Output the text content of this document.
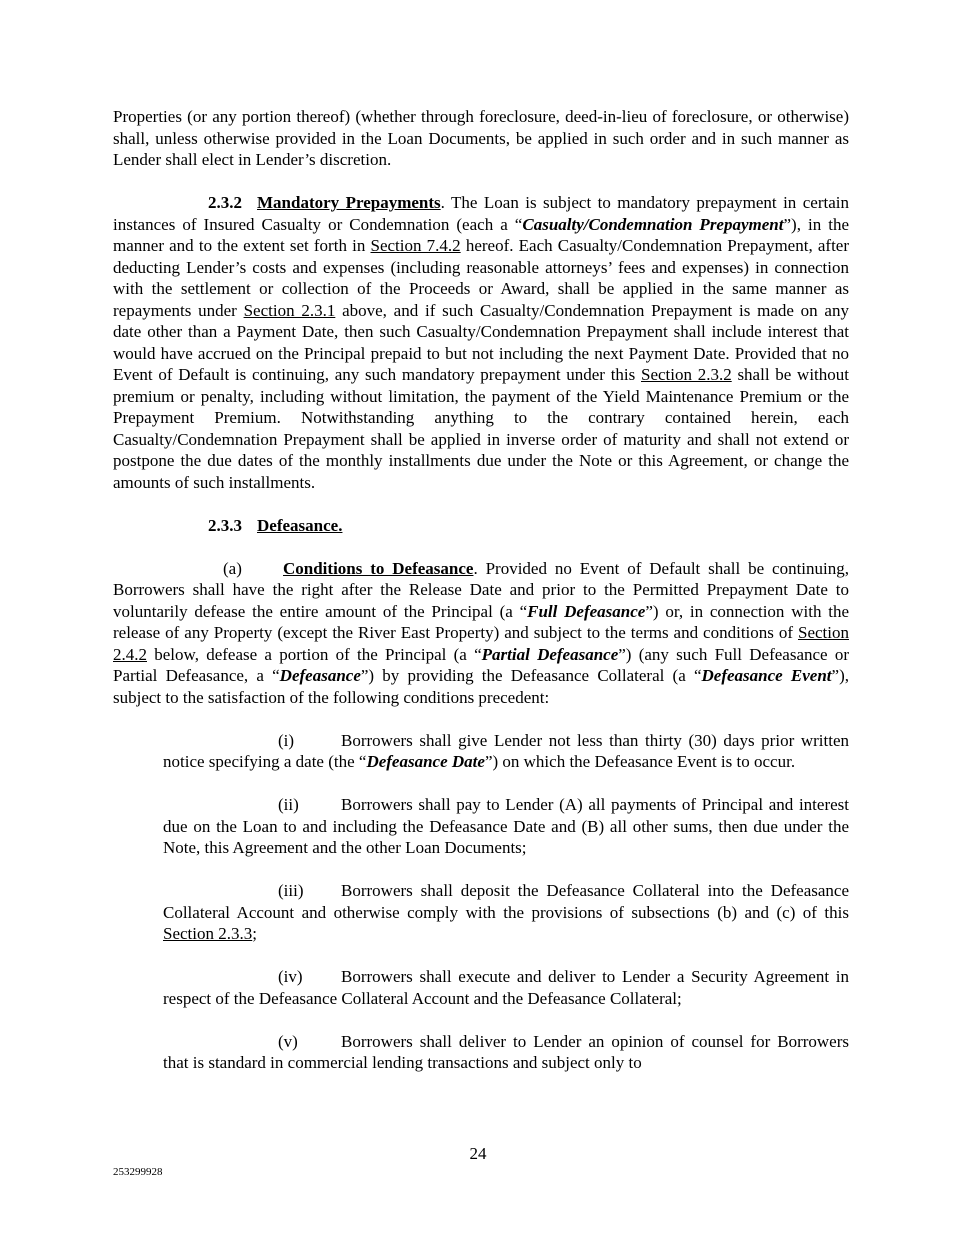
Properties (or any portion thereof) (whether through foreclosure, deed-in-lieu of foreclosure, or otherwise) shall, unless otherwise provided in the Loan Documents, be applied in such order and in such manner as Lender shall elect in Lender’s discretion.

2.3.2 Mandatory Prepayments. The Loan is subject to mandatory prepayment in certain instances of Insured Casualty or Condemnation (each a “Casualty/Condemnation Prepayment”), in the manner and to the extent set forth in Section 7.4.2 hereof. Each Casualty/Condemnation Prepayment, after deducting Lender’s costs and expenses (including reasonable attorneys’ fees and expenses) in connection with the settlement or collection of the Proceeds or Award, shall be applied in the same manner as repayments under Section 2.3.1 above, and if such Casualty/Condemnation Prepayment is made on any date other than a Payment Date, then such Casualty/Condemnation Prepayment shall include interest that would have accrued on the Principal prepaid to but not including the next Payment Date. Provided that no Event of Default is continuing, any such mandatory prepayment under this Section 2.3.2 shall be without premium or penalty, including without limitation, the payment of the Yield Maintenance Premium or the Prepayment Premium. Notwithstanding anything to the contrary contained herein, each Casualty/Condemnation Prepayment shall be applied in inverse order of maturity and shall not extend or postpone the due dates of the monthly installments due under the Note or this Agreement, or change the amounts of such installments.

2.3.3 Defeasance.

(a) Conditions to Defeasance. Provided no Event of Default shall be continuing, Borrowers shall have the right after the Release Date and prior to the Permitted Prepayment Date to voluntarily defease the entire amount of the Principal (a “Full Defeasance”) or, in connection with the release of any Property (except the River East Property) and subject to the terms and conditions of Section 2.4.2 below, defease a portion of the Principal (a “Partial Defeasance”) (any such Full Defeasance or Partial Defeasance, a “Defeasance”) by providing the Defeasance Collateral (a “Defeasance Event”), subject to the satisfaction of the following conditions precedent:

(i)	Borrowers shall give Lender not less than thirty (30) days prior written notice specifying a date (the “Defeasance Date”) on which the Defeasance Event is to occur.

(ii) Borrowers shall pay to Lender (A) all payments of Principal and interest due on the Loan to and including the Defeasance Date and (B) all other sums, then due under the Note, this Agreement and the other Loan Documents;

(iii) Borrowers shall deposit the Defeasance Collateral into the Defeasance Collateral Account and otherwise comply with the provisions of subsections (b) and (c) of this Section 2.3.3;

(iv) Borrowers shall execute and deliver to Lender a Security Agreement in respect of the Defeasance Collateral Account and the Defeasance Collateral;

(v)	Borrowers shall deliver to Lender an opinion of counsel for Borrowers that is standard in commercial lending transactions and subject only to

24
253299928
